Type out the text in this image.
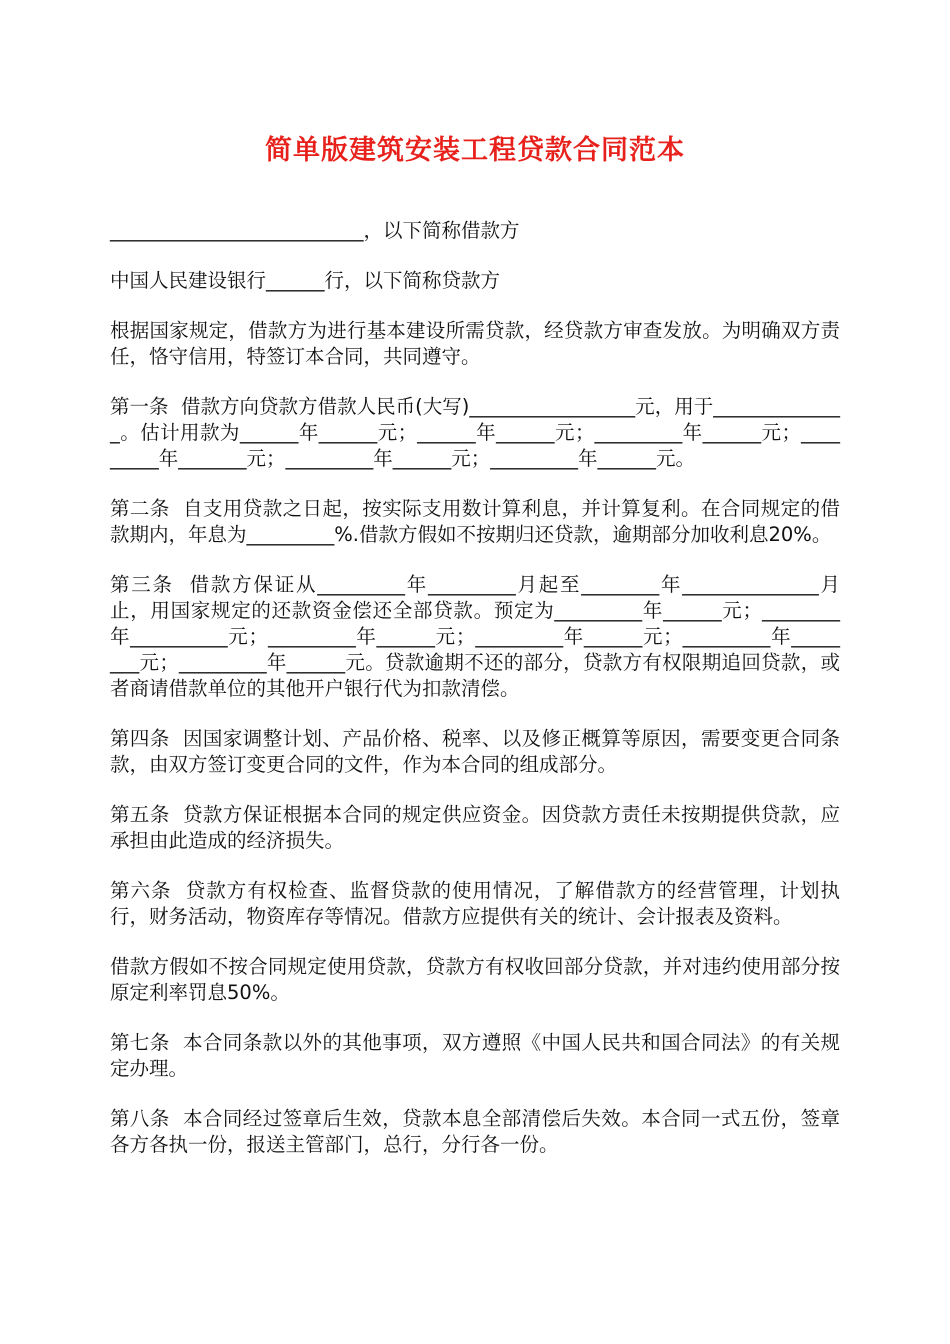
简单版建筑安装工程贷款合同范本

__________________________，以下简称借款方

中国人民建设银行______行，以下简称贷款方

根据国家规定，借款方为进行基本建设所需贷款，经贷款方审查发放。为明确双方责任，恪守信用，特签订本合同，共同遵守。

第一条  借款方向贷款方借款人民币(大写)_________________元，用于______________。估计用款为______年______元；______年______元；_________年______元；_________年_______元；_________年______元；_________年______元。

第二条  自支用贷款之日起，按实际支用数计算利息，并计算复利。在合同规定的借款期内，年息为_________%.借款方假如不按期归还贷款，逾期部分加收利息20%。

第三条  借款方保证从_________年_________月起至________年______________月止，用国家规定的还款资金偿还全部贷款。预定为_________年______元；________年__________元；_________年______元；_________年______元；_________年________元；_________年______元。贷款逾期不还的部分，贷款方有权限期追回贷款，或者商请借款单位的其他开户银行代为扣款清偿。

第四条  因国家调整计划、产品价格、税率、以及修正概算等原因，需要变更合同条款，由双方签订变更合同的文件，作为本合同的组成部分。

第五条  贷款方保证根据本合同的规定供应资金。因贷款方责任未按期提供贷款，应承担由此造成的经济损失。

第六条  贷款方有权检查、监督贷款的使用情况，了解借款方的经营管理，计划执行，财务活动，物资库存等情况。借款方应提供有关的统计、会计报表及资料。

借款方假如不按合同规定使用贷款，贷款方有权收回部分贷款，并对违约使用部分按原定利率罚息50%。

第七条  本合同条款以外的其他事项，双方遵照《中国人民共和国合同法》的有关规定办理。

第八条  本合同经过签章后生效，贷款本息全部清偿后失效。本合同一式五份，签章各方各执一份，报送主管部门，总行，分行各一份。
